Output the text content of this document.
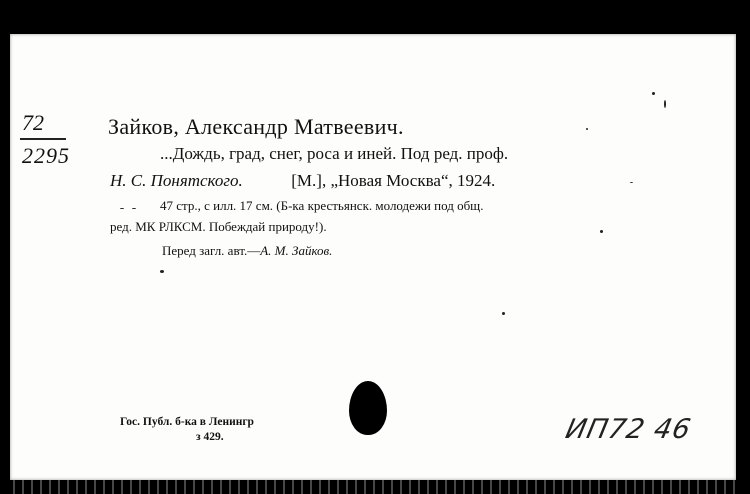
72
2295
Зайков, Александр Матвеевич.
...Дождь, град, снег, роса и иней. Под ред. проф.
Н. С. Понятского.	[М.], „Новая Москва“, 1924.
47 стр., с илл. 17 см. (Б-ка крестьянск. молодежи под общ.
ред. МК РЛКСМ. Побеждай природу!).
Перед загл. авт.—А. М. Зайков.
Гос. Публ. б-ка в Ленингр
з 429.	ИП72 46
